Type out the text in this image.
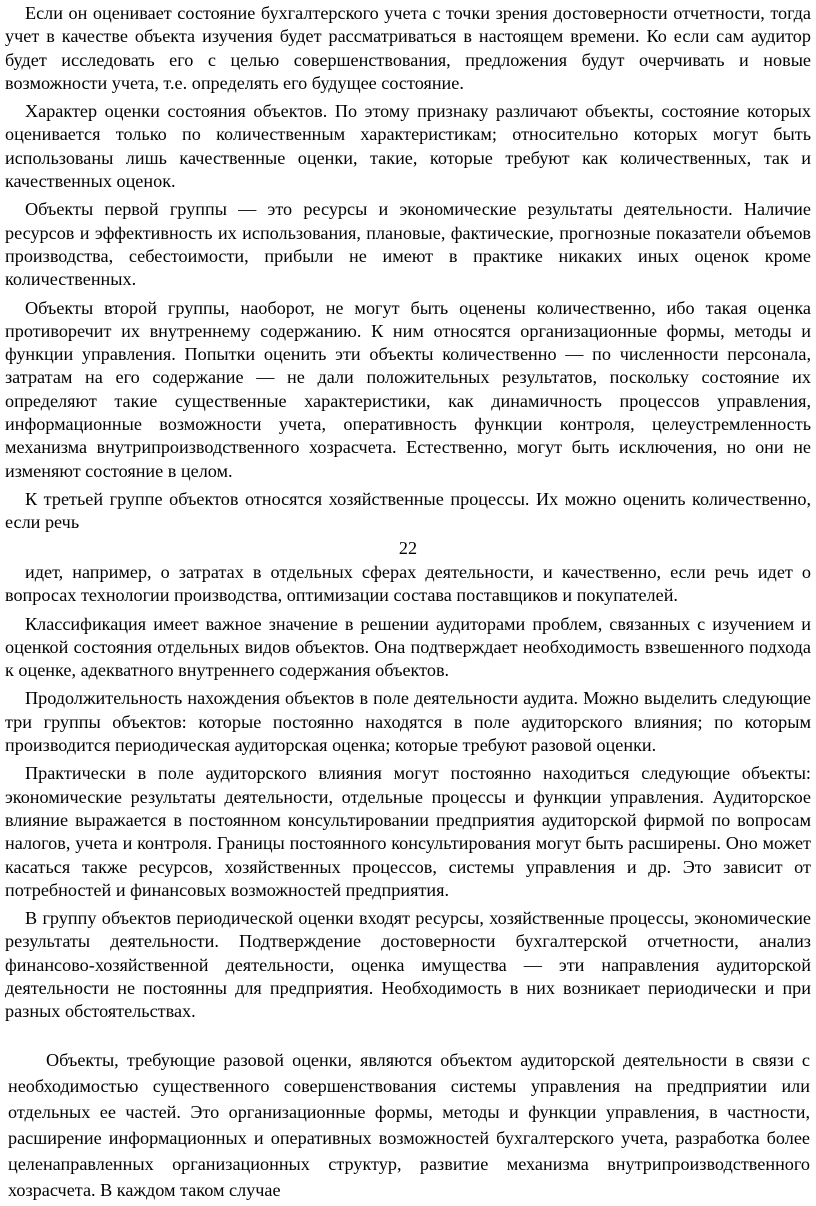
Если он оценивает состояние бухгалтерского учета с точки зрения достоверности отчетности, тогда учет в качестве объекта изучения будет рассматриваться в настоящем времени. Ко если сам аудитор будет исследовать его с целью совершенствования, предложения будут очерчивать и новые возможности учета, т.е. определять его будущее состояние.

Характер оценки состояния объектов. По этому признаку различают объекты, состояние которых оценивается только по количественным характеристикам; относительно которых могут быть использованы лишь качественные оценки, такие, которые требуют как количественных, так и качественных оценок.

Объекты первой группы — это ресурсы и экономические результаты деятельности. Наличие ресурсов и эффективность их использования, плановые, фактические, прогнозные показатели объемов производства, себестоимости, прибыли не имеют в практике никаких иных оценок кроме количественных.

Объекты второй группы, наоборот, не могут быть оценены количественно, ибо такая оценка противоречит их внутреннему содержанию. К ним относятся организационные формы, методы и функции управления. Попытки оценить эти объекты количественно — по численности персонала, затратам на его содержание — не дали положительных результатов, поскольку состояние их определяют такие существенные характеристики, как динамичность процессов управления, информационные возможности учета, оперативность функции контроля, целеустремленность механизма внутрипроизводственного хозрасчета. Естественно, могут быть исключения, но они не изменяют состояние в целом.

К третьей группе объектов относятся хозяйственные процессы. Их можно оценить количественно, если речь

22

идет, например, о затратах в отдельных сферах деятельности, и качественно, если речь идет о вопросах технологии производства, оптимизации состава поставщиков и покупателей.

Классификация имеет важное значение в решении аудиторами проблем, связанных с изучением и оценкой состояния отдельных видов объектов. Она подтверждает необходимость взвешенного подхода к оценке, адекватного внутреннего содержания объектов.

Продолжительность нахождения объектов в поле деятельности аудита. Можно выделить следующие три группы объектов: которые постоянно находятся в поле аудиторского влияния; по которым производится периодическая аудиторская оценка; которые требуют разовой оценки.

Практически в поле аудиторского влияния могут постоянно находиться следующие объекты: экономические результаты деятельности, отдельные процессы и функции управления. Аудиторское влияние выражается в постоянном консультировании предприятия аудиторской фирмой по вопросам налогов, учета и контроля. Границы постоянного консультирования могут быть расширены. Оно может касаться также ресурсов, хозяйственных процессов, системы управления и др. Это зависит от потребностей и финансовых возможностей предприятия.

В группу объектов периодической оценки входят ресурсы, хозяйственные процессы, экономические результаты деятельности. Подтверждение достоверности бухгалтерской отчетности, анализ финансово-хозяйственной деятельности, оценка имущества — эти направления аудиторской деятельности не постоянны для предприятия. Необходимость в них возникает периодически и при разных обстоятельствах.

Объекты, требующие разовой оценки, являются объектом аудиторской деятельности в связи с необходимостью существенного совершенствования системы управления на предприятии или отдельных ее частей. Это организационные формы, методы и функции управления, в частности, расширение информационных и оперативных возможностей бухгалтерского учета, разработка более целенаправленных организационных структур, развитие механизма внутрипроизводственного хозрасчета. В каждом таком случае
